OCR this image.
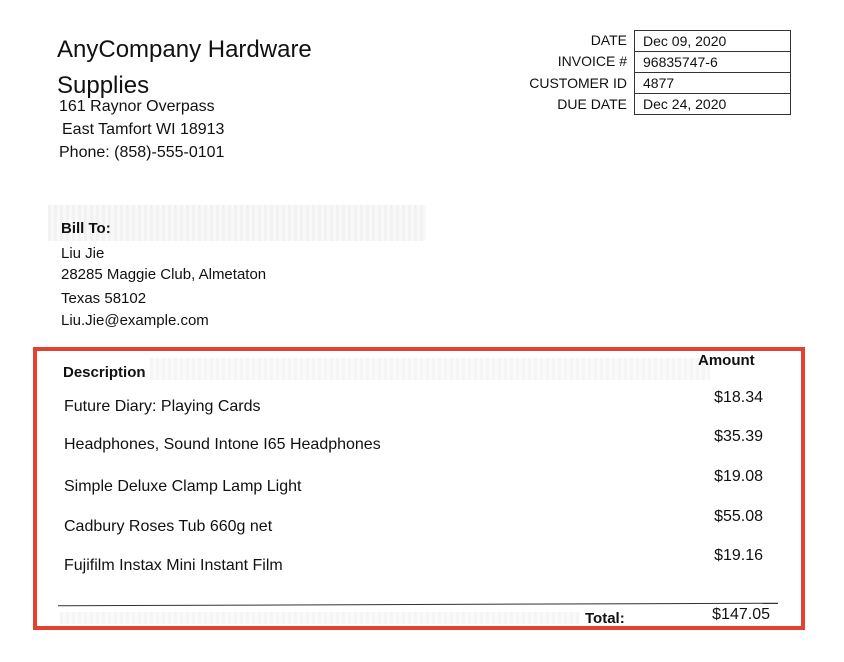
AnyCompany Hardware
Supplies
161 Raynor Overpass
East Tamfort WI 18913
Phone: (858)-555-0101
DATE
INVOICE #
CUSTOMER ID
DUE DATE
Dec 09, 2020
96835747-6
4877
Dec 24, 2020
Bill To:
Liu Jie
28285 Maggie Club, Almetaton
Texas 58102
Liu.Jie@example.com
Description
Amount
Future Diary: Playing Cards
$18.34
Headphones, Sound Intone I65 Headphones	$35.39
Simple Deluxe Clamp Lamp Light
$19.08
Cadbury Roses Tub 660g net
$55.08
Fujifilm Instax Mini Instant Film
$19.16
Total:	$147.05
